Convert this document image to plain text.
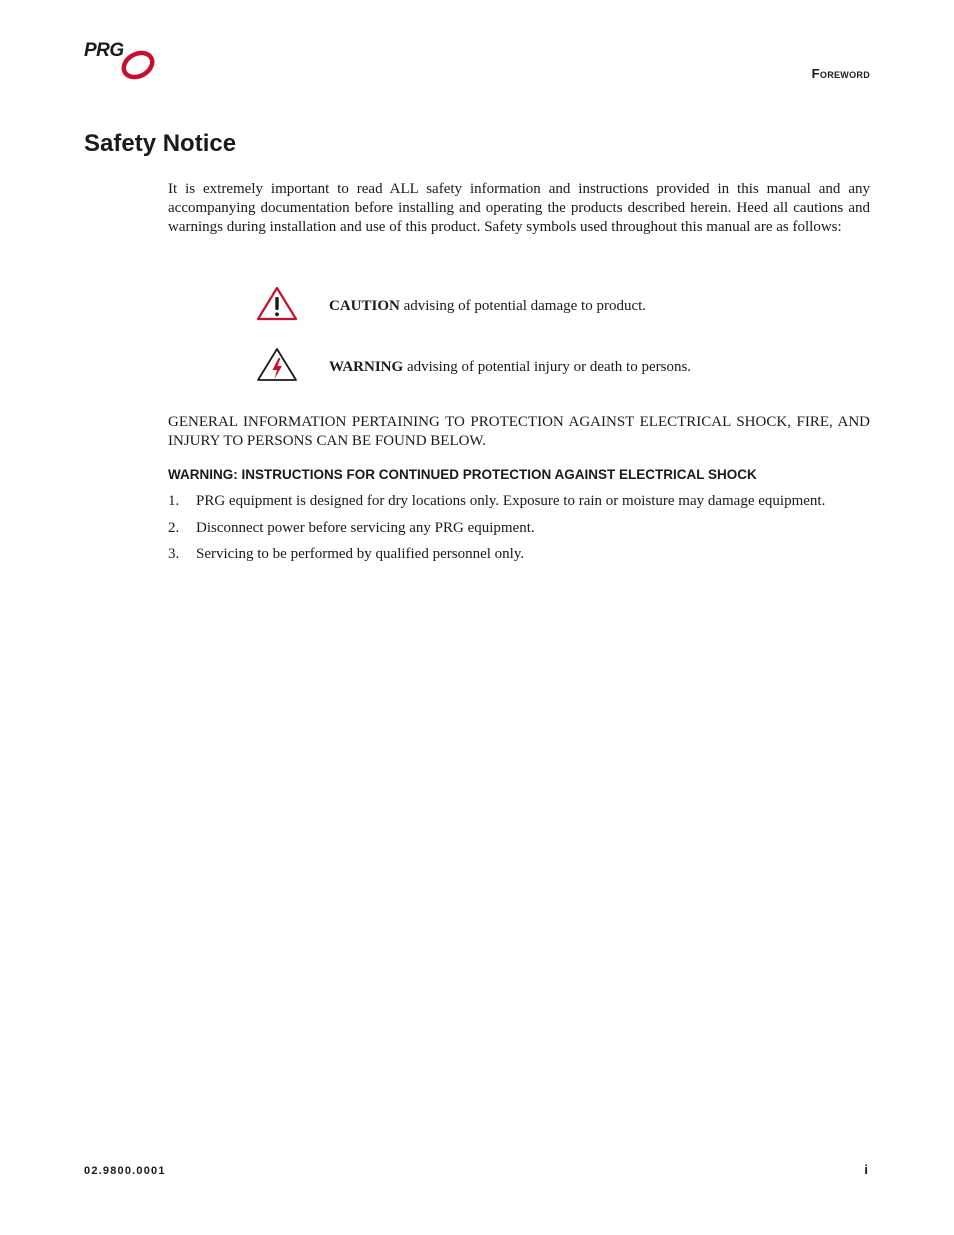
PRG
Foreword
Safety Notice

It is extremely important to read ALL safety information and instructions provided in this manual and any accompanying documentation before installing and operating the products described herein. Heed all cautions and warnings during installation and use of this product. Safety symbols used throughout this manual are as follows:

CAUTION advising of potential damage to product.
WARNING advising of potential injury or death to persons.

GENERAL INFORMATION PERTAINING TO PROTECTION AGAINST ELECTRICAL SHOCK, FIRE, AND INJURY TO PERSONS CAN BE FOUND BELOW.

WARNING: INSTRUCTIONS FOR CONTINUED PROTECTION AGAINST ELECTRICAL SHOCK
1. PRG equipment is designed for dry locations only. Exposure to rain or moisture may damage equipment.
2. Disconnect power before servicing any PRG equipment.
3. Servicing to be performed by qualified personnel only.
02.9800.0001	i
